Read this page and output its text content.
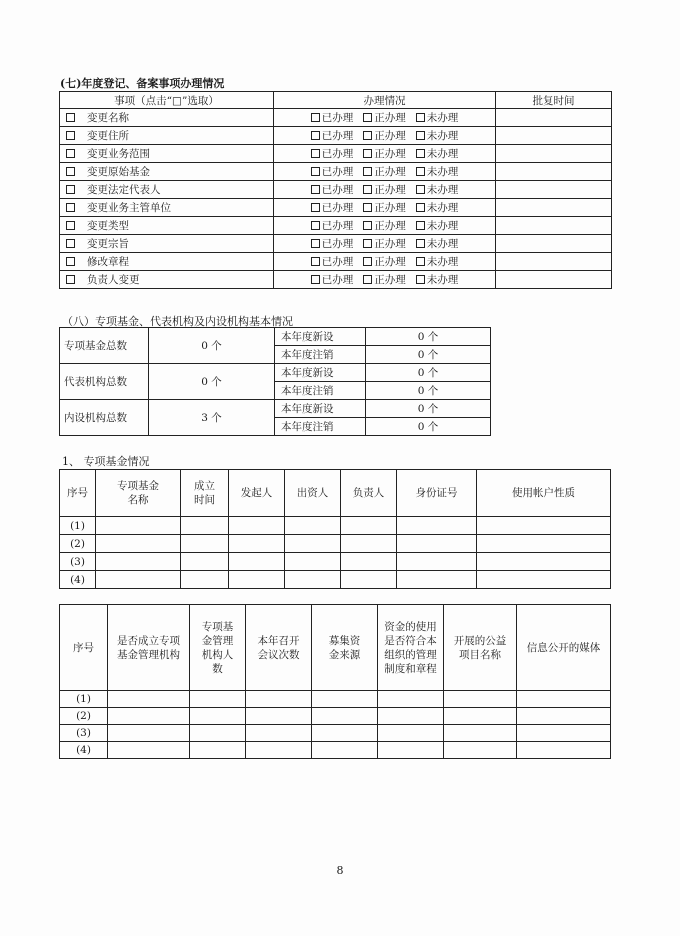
(七)年度登记、备案事项办理情况
事项（点击“□”选取）	办理情况	批复时间
变更名称	已办理 正办理 未办理	
变更住所	已办理 正办理 未办理	
变更业务范围	已办理 正办理 未办理	
变更原始基金	已办理 正办理 未办理	
变更法定代表人	已办理 正办理 未办理	
变更业务主管单位	已办理 正办理 未办理	
变更类型	已办理 正办理 未办理	
变更宗旨	已办理 正办理 未办理	
修改章程	已办理 正办理 未办理	
负责人变更	已办理 正办理 未办理	
（八）专项基金、代表机构及内设机构基本情况
专项基金总数	0 个	本年度新设	0 个
		本年度注销	0 个
代表机构总数	0 个	本年度新设	0 个
		本年度注销	0 个
内设机构总数	3 个	本年度新设	0 个
		本年度注销	0 个
1、 专项基金情况
序号	专项基金名称	成立时间	发起人	出资人	负责人	身份证号	使用帐户性质
(1)							
(2)							
(3)							
(4)							
序号	是否成立专项基金管理机构	专项基金管理机构人数	本年召开会议次数	募集资金来源	资金的使用是否符合本组织的管理制度和章程	开展的公益项目名称	信息公开的媒体
(1)							
(2)							
(3)							
(4)							
8
